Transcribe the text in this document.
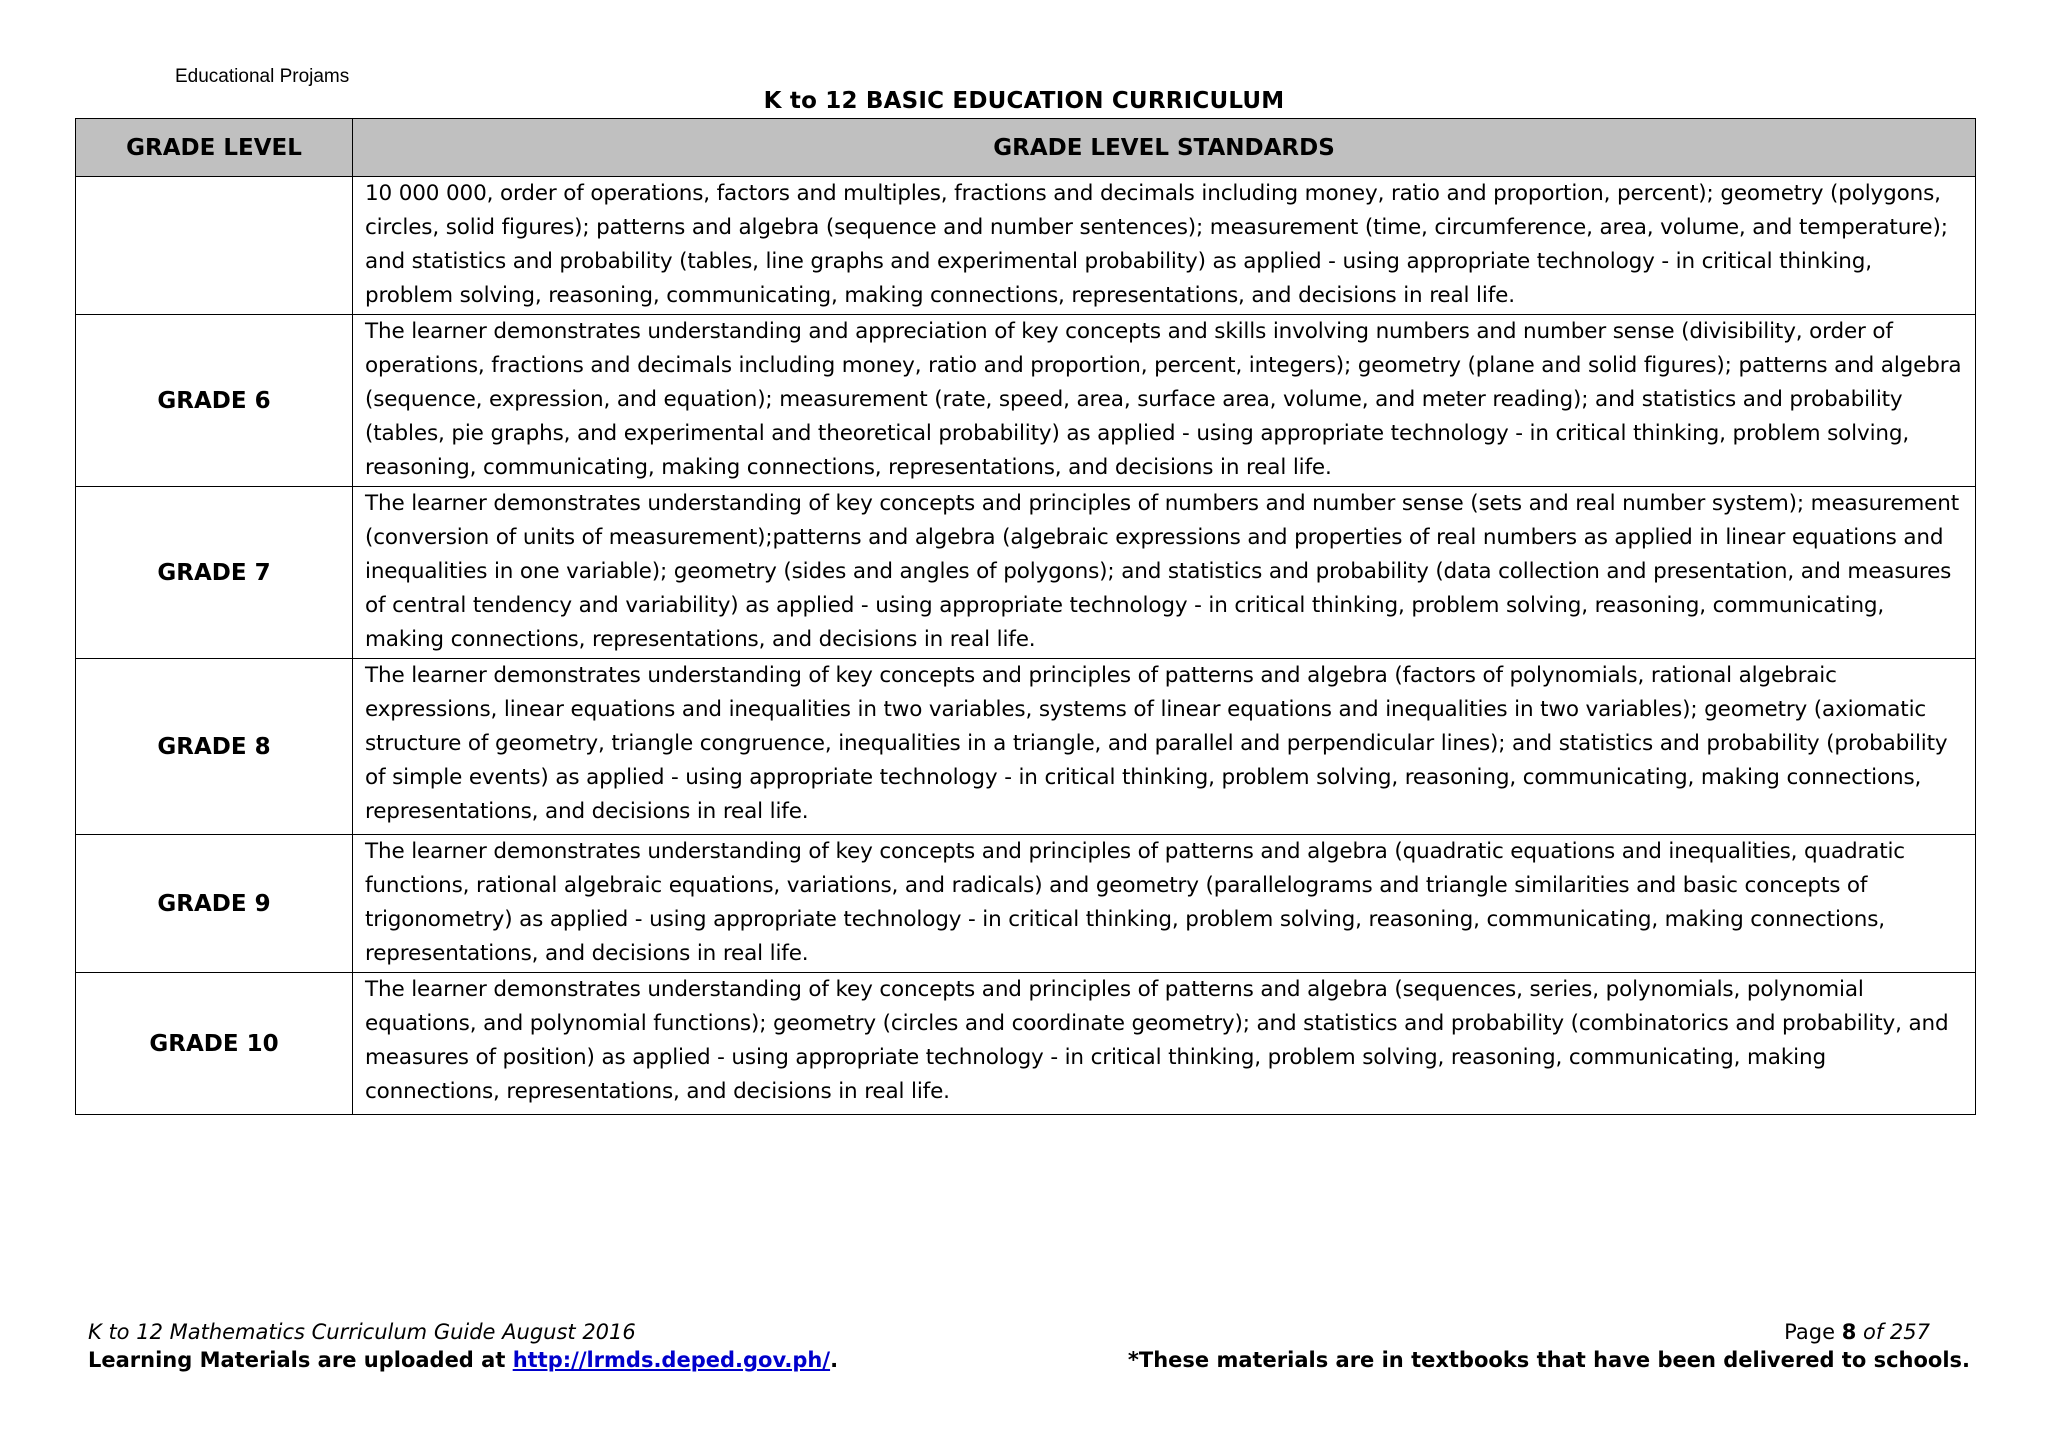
Educational Projams
K to 12 BASIC EDUCATION CURRICULUM
GRADE LEVEL	GRADE LEVEL STANDARDS
	10 000 000, order of operations, factors and multiples, fractions and decimals including money, ratio and proportion, percent); geometry (polygons, circles, solid figures); patterns and algebra (sequence and number sentences); measurement (time, circumference, area, volume, and temperature); and statistics and probability (tables, line graphs and experimental probability) as applied - using appropriate technology - in critical thinking, problem solving, reasoning, communicating, making connections, representations, and decisions in real life.
GRADE 6	The learner demonstrates understanding and appreciation of key concepts and skills involving numbers and number sense (divisibility, order of operations, fractions and decimals including money, ratio and proportion, percent, integers); geometry (plane and solid figures); patterns and algebra (sequence, expression, and equation); measurement (rate, speed, area, surface area, volume, and meter reading); and statistics and probability (tables, pie graphs, and experimental and theoretical probability) as applied - using appropriate technology - in critical thinking, problem solving, reasoning, communicating, making connections, representations, and decisions in real life.
GRADE 7	The learner demonstrates understanding of key concepts and principles of numbers and number sense (sets and real number system); measurement (conversion of units of measurement);patterns and algebra (algebraic expressions and properties of real numbers as applied in linear equations and inequalities in one variable); geometry (sides and angles of polygons); and statistics and probability (data collection and presentation, and measures of central tendency and variability) as applied - using appropriate technology - in critical thinking, problem solving, reasoning, communicating, making connections, representations, and decisions in real life.
GRADE 8	The learner demonstrates understanding of key concepts and principles of patterns and algebra (factors of polynomials, rational algebraic expressions, linear equations and inequalities in two variables, systems of linear equations and inequalities in two variables); geometry (axiomatic structure of geometry, triangle congruence, inequalities in a triangle, and parallel and perpendicular lines); and statistics and probability (probability of simple events) as applied - using appropriate technology - in critical thinking, problem solving, reasoning, communicating, making connections, representations, and decisions in real life.
GRADE 9	The learner demonstrates understanding of key concepts and principles of patterns and algebra (quadratic equations and inequalities, quadratic functions, rational algebraic equations, variations, and radicals) and geometry (parallelograms and triangle similarities and basic concepts of trigonometry) as applied - using appropriate technology - in critical thinking, problem solving, reasoning, communicating, making connections, representations, and decisions in real life.
GRADE 10	The learner demonstrates understanding of key concepts and principles of patterns and algebra (sequences, series, polynomials, polynomial equations, and polynomial functions); geometry (circles and coordinate geometry); and statistics and probability (combinatorics and probability, and measures of position) as applied - using appropriate technology - in critical thinking, problem solving, reasoning, communicating, making connections, representations, and decisions in real life.
K to 12 Mathematics Curriculum Guide August 2016
Learning Materials are uploaded at http://lrmds.deped.gov.ph/.
Page 8 of 257
*These materials are in textbooks that have been delivered to schools.
